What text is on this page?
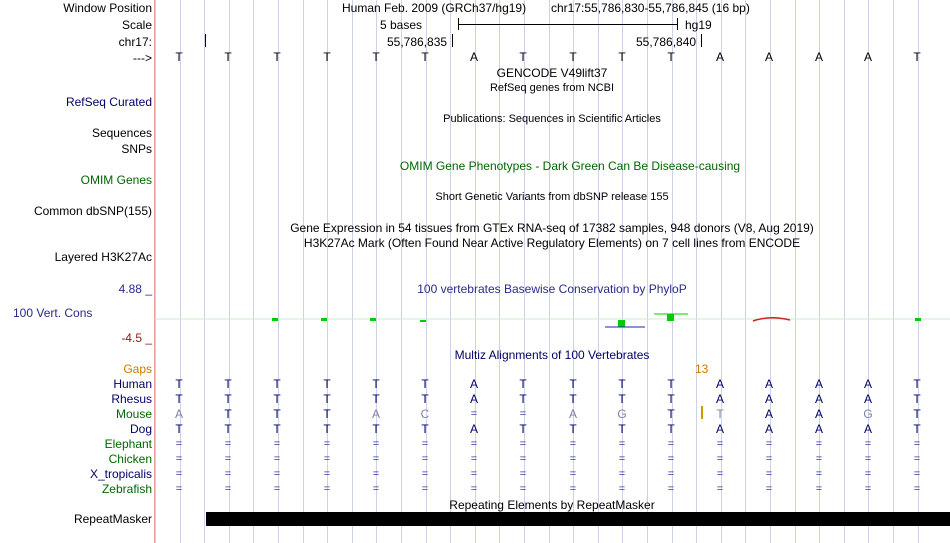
Window Position	Human Feb. 2009 (GRCh37/hg19) chr17:55,786,830-55,786,845 (16 bp)
Scale	5 bases	hg19
chr17:	55,786,835	55,786,840
--->	T	T	T	T	T	T	A	T	T	T	T	A	A	A	A	T
GENCODE V49lift37
RefSeq genes from NCBI
RefSeq Curated
Publications: Sequences in Scientific Articles
Sequences
SNPs
OMIM Gene Phenotypes - Dark Green Can Be Disease-causing
OMIM Genes
Short Genetic Variants from dbSNP release 155
Common dbSNP(155)
Gene Expression in 54 tissues from GTEx RNA-seq of 17382 samples, 948 donors (V8, Aug 2019)
H3K27Ac Mark (Often Found Near Active Regulatory Elements) on 7 cell lines from ENCODE
Layered H3K27Ac
4.88 _	100 vertebrates Basewise Conservation by PhyloP
100 Vert. Cons
-4.5 _
Multiz Alignments of 100 Vertebrates
Gaps	13
Human	T	T	T	T	T	T	A	T	T	T	T	A	A	A	A	T
Rhesus	T	T	T	T	T	T	A	T	T	T	T	A	A	A	A	T
Mouse	A	T	T	T	A	C	=	=	A	G	T	T	A	A	G	T
Dog	T	T	T	T	T	T	A	T	T	T	T	A	A	A	A	T
Elephant	=	=	=	=	=	=	=	=	=	=	=	=	=	=	=	=
Chicken	=	=	=	=	=	=	=	=	=	=	=	=	=	=	=	=
X_tropicalis	=	=	=	=	=	=	=	=	=	=	=	=	=	=	=	=
Zebrafish	=	=	=	=	=	=	=	=	=	=	=	=	=	=	=	=
Repeating Elements by RepeatMasker
RepeatMasker
